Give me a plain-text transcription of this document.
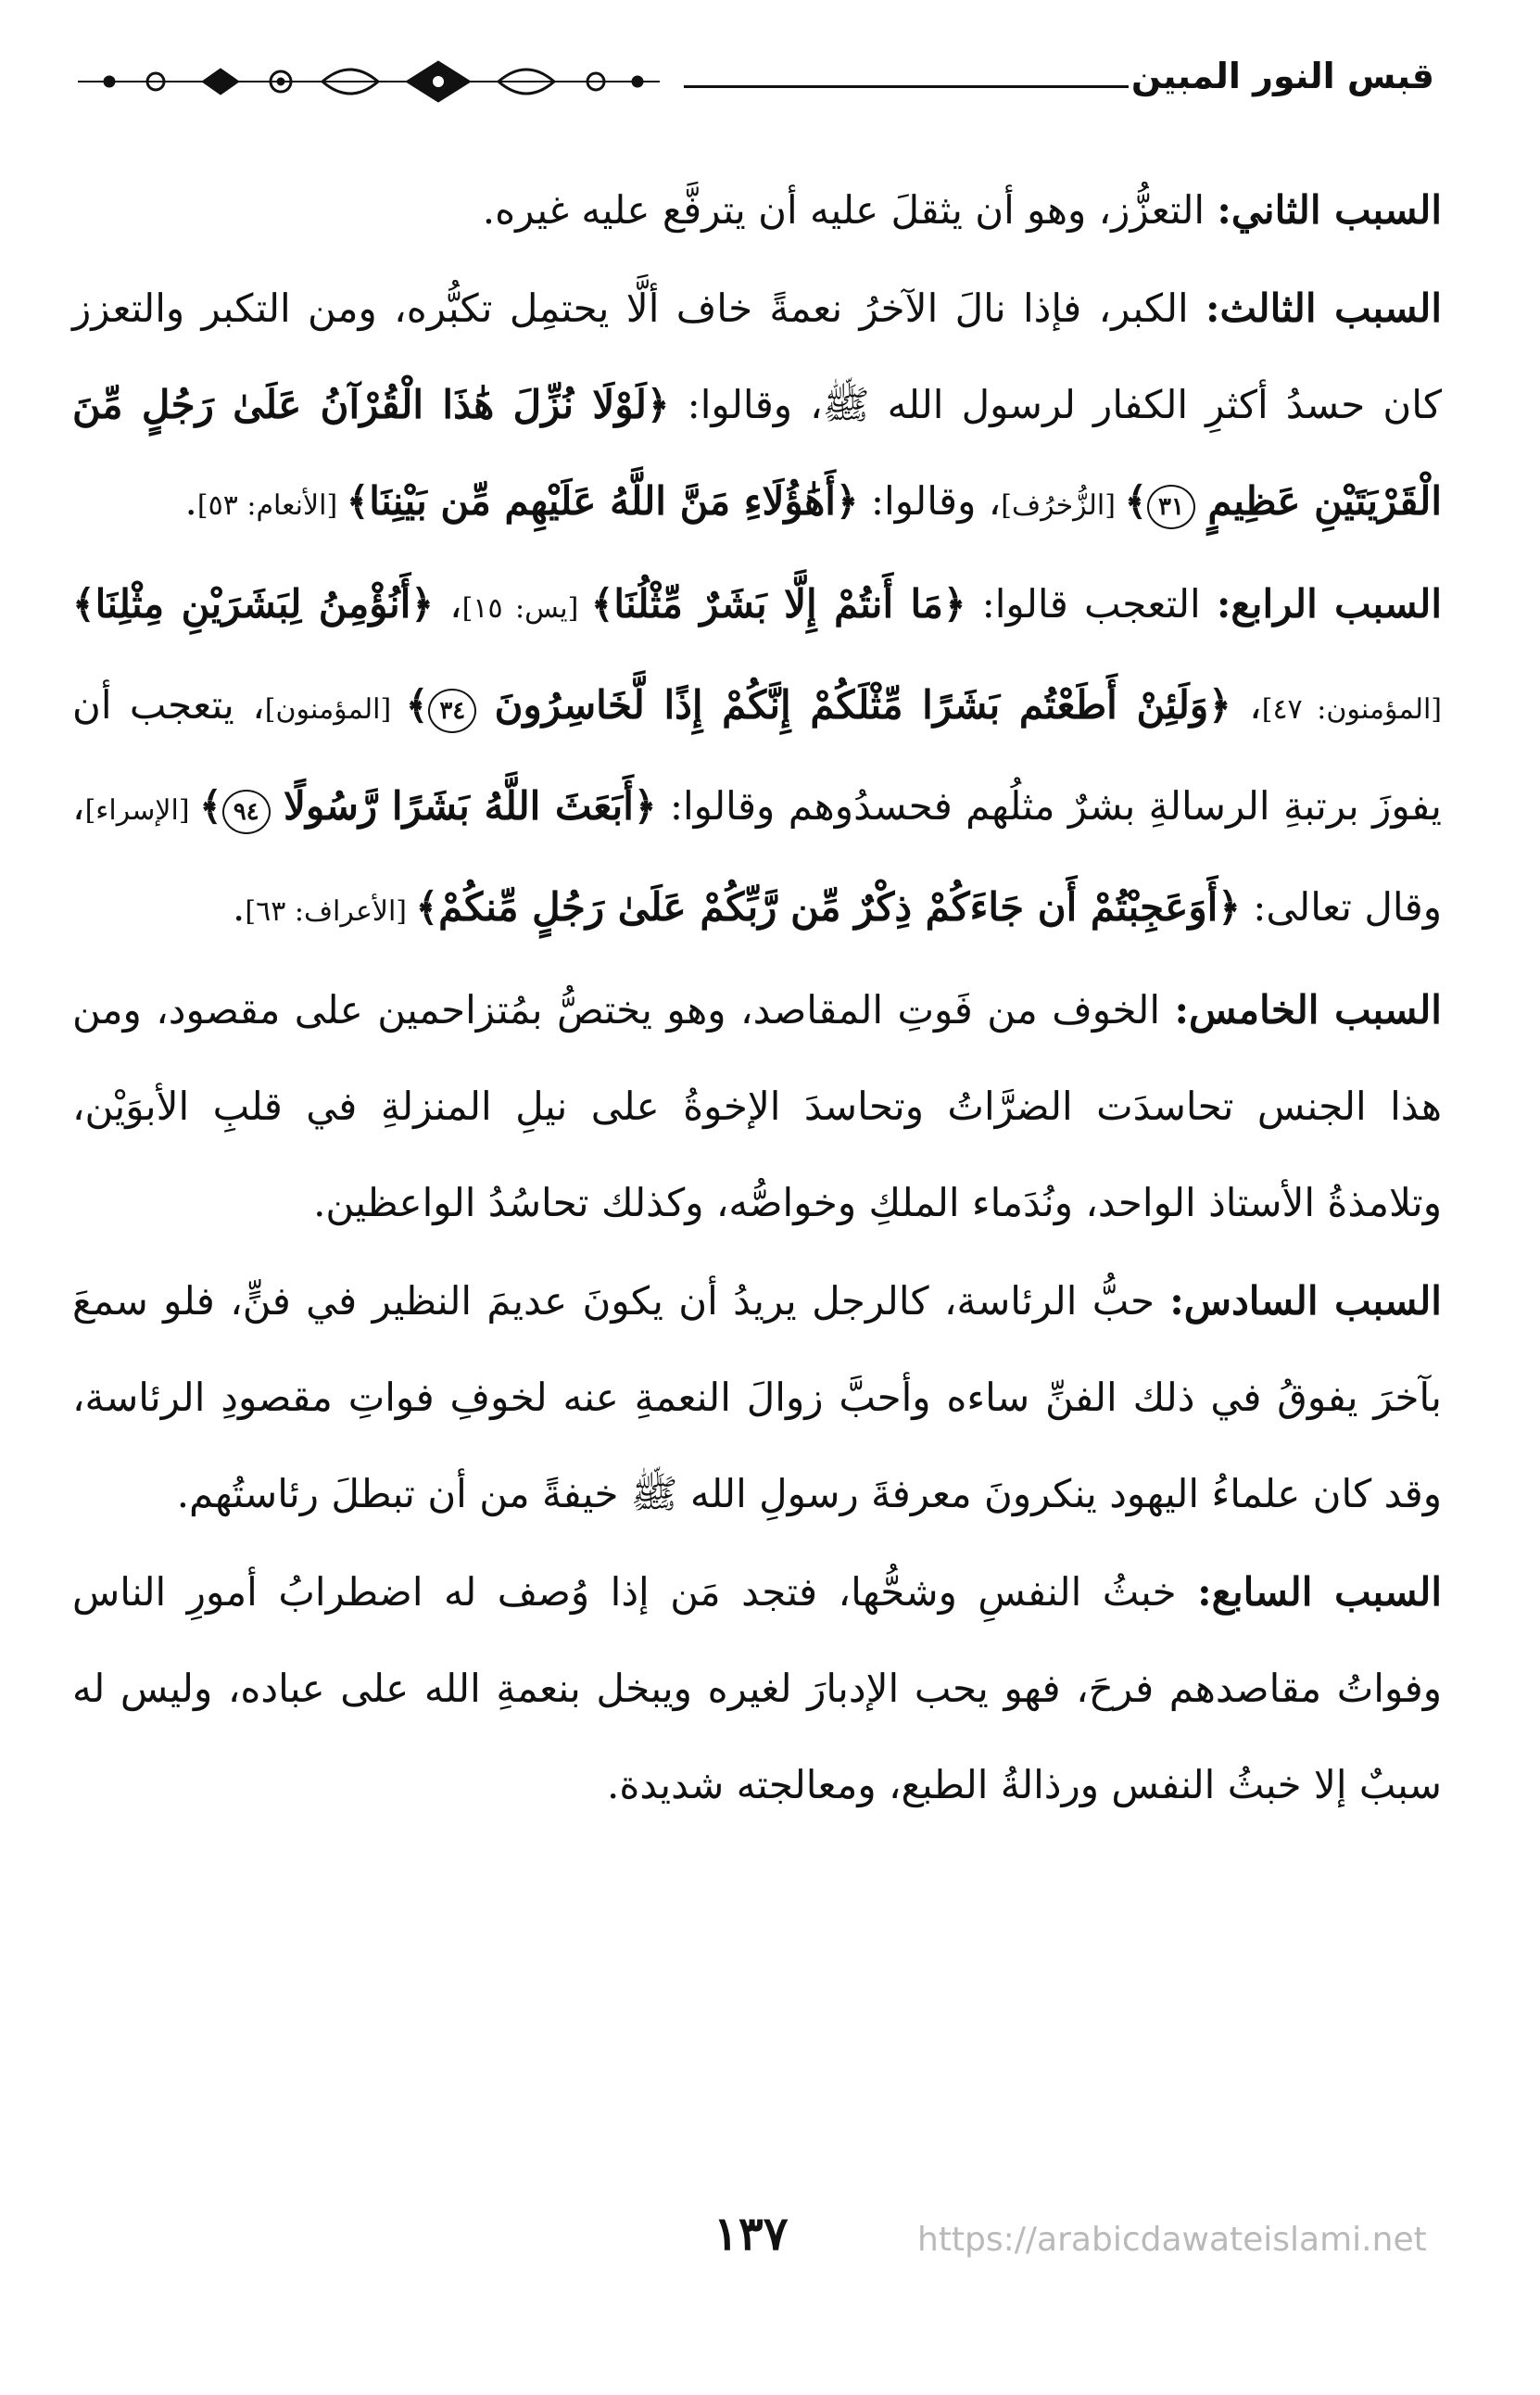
قبس النور المبين

السبب الثاني: التعزُّز، وهو أن يثقلَ عليه أن يترفَّع عليه غيره.

السبب الثالث: الكبر، فإذا نالَ الآخرُ نعمةً خاف ألَّا يحتمِل تكبُّره، ومن التكبر والتعزز كان حسدُ أكثرِ الكفار لرسول الله ﷺ، وقالوا: ﴿لَوْلَا نُزِّلَ هَٰذَا الْقُرْآنُ عَلَىٰ رَجُلٍ مِّنَ الْقَرْيَتَيْنِ عَظِيمٍ ٣١﴾ [الزُّخرُف]، وقالوا: ﴿أَهَٰؤُلَاءِ مَنَّ اللَّهُ عَلَيْهِم مِّن بَيْنِنَا﴾ [الأنعام: ٥٣].

السبب الرابع: التعجب قالوا: ﴿مَا أَنتُمْ إِلَّا بَشَرٌ مِّثْلُنَا﴾ [يس: ١٥]، ﴿أَنُؤْمِنُ لِبَشَرَيْنِ مِثْلِنَا﴾ [المؤمنون: ٤٧]، ﴿وَلَئِنْ أَطَعْتُم بَشَرًا مِّثْلَكُمْ إِنَّكُمْ إِذًا لَّخَاسِرُونَ ٣٤﴾ [المؤمنون]، يتعجب أن يفوزَ برتبةِ الرسالةِ بشرٌ مثلُهم فحسدُوهم وقالوا: ﴿أَبَعَثَ اللَّهُ بَشَرًا رَّسُولًا ٩٤﴾ [الإسراء]، وقال تعالى: ﴿أَوَعَجِبْتُمْ أَن جَاءَكُمْ ذِكْرٌ مِّن رَّبِّكُمْ عَلَىٰ رَجُلٍ مِّنكُمْ﴾ [الأعراف: ٦٣].

السبب الخامس: الخوف من فَوتِ المقاصد، وهو يختصُّ بمُتزاحمين على مقصود، ومن هذا الجنس تحاسدَت الضرَّاتُ وتحاسدَ الإخوةُ على نيلِ المنزلةِ في قلبِ الأبوَيْن، وتلامذةُ الأستاذ الواحد، ونُدَماء الملكِ وخواصُّه، وكذلك تحاسُدُ الواعظين.

السبب السادس: حبُّ الرئاسة، كالرجل يريدُ أن يكونَ عديمَ النظير في فنٍّ، فلو سمعَ بآخرَ يفوقُ في ذلك الفنِّ ساءه وأحبَّ زوالَ النعمةِ عنه لخوفِ فواتِ مقصودِ الرئاسة، وقد كان علماءُ اليهود ينكرونَ معرفةَ رسولِ الله ﷺ خيفةً من أن تبطلَ رئاستُهم.

السبب السابع: خبثُ النفسِ وشحُّها، فتجد مَن إذا وُصف له اضطرابُ أمورِ الناس وفواتُ مقاصدهم فرحَ، فهو يحب الإدبارَ لغيره ويبخل بنعمةِ الله على عباده، وليس له سببٌ إلا خبثُ النفس ورذالةُ الطبع، ومعالجته شديدة.

١٣٧	https://arabicdawateislami.net
